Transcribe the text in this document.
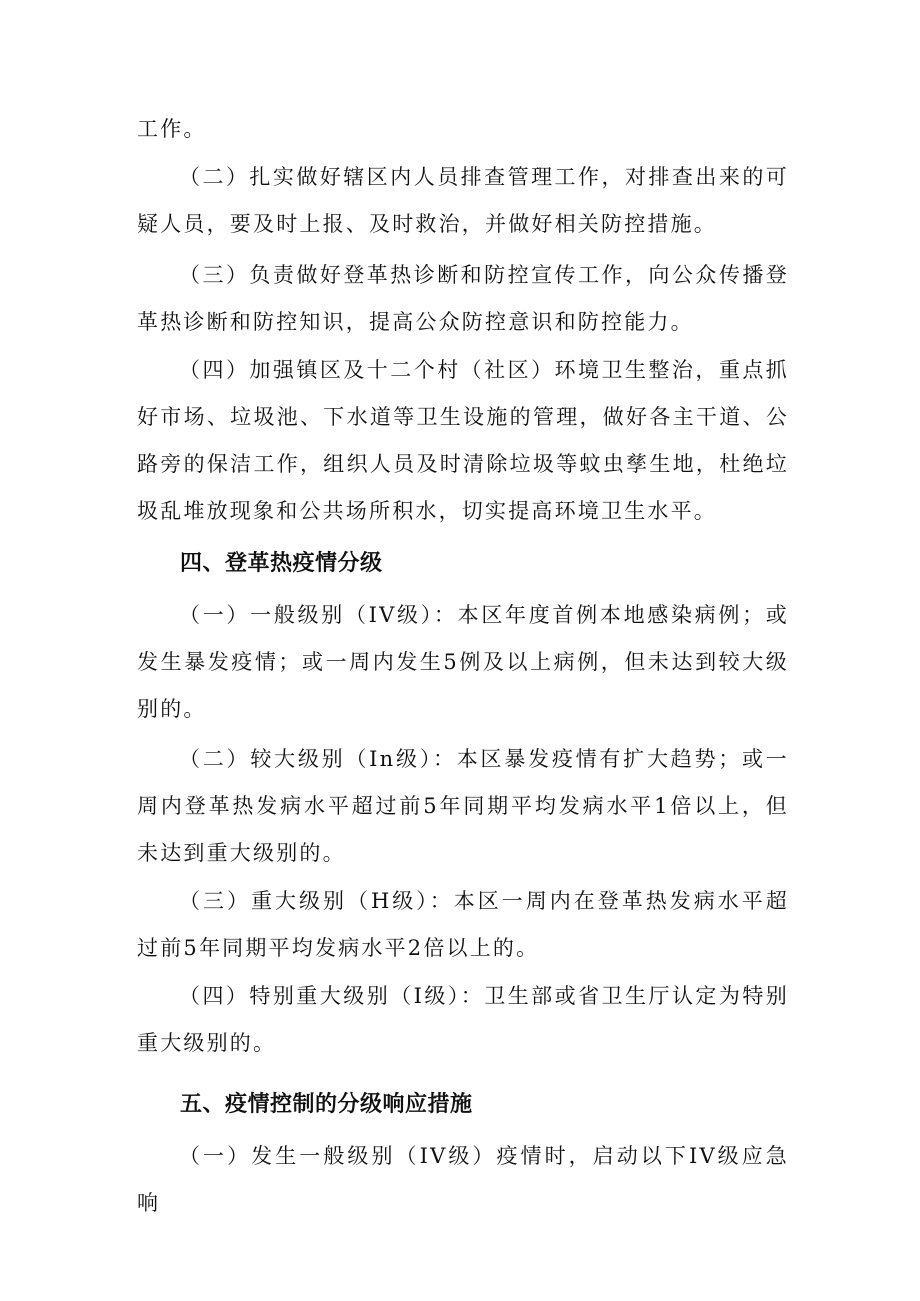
工作。

（二）扎实做好辖区内人员排查管理工作，对排查出来的可疑人员，要及时上报、及时救治，并做好相关防控措施。

（三）负责做好登革热诊断和防控宣传工作，向公众传播登革热诊断和防控知识，提高公众防控意识和防控能力。

（四）加强镇区及十二个村（社区）环境卫生整治，重点抓好市场、垃圾池、下水道等卫生设施的管理，做好各主干道、公路旁的保洁工作，组织人员及时清除垃圾等蚊虫孳生地，杜绝垃圾乱堆放现象和公共场所积水，切实提高环境卫生水平。

四、登革热疫情分级

（一）一般级别（IV级）：本区年度首例本地感染病例；或发生暴发疫情；或一周内发生5例及以上病例，但未达到较大级别的。

（二）较大级别（In级）：本区暴发疫情有扩大趋势；或一周内登革热发病水平超过前5年同期平均发病水平1倍以上，但未达到重大级别的。

（三）重大级别（H级）：本区一周内在登革热发病水平超过前5年同期平均发病水平2倍以上的。

（四）特别重大级别（I级）：卫生部或省卫生厅认定为特别重大级别的。

五、疫情控制的分级响应措施

（一）发生一般级别（IV级）疫情时，启动以下IV级应急响
